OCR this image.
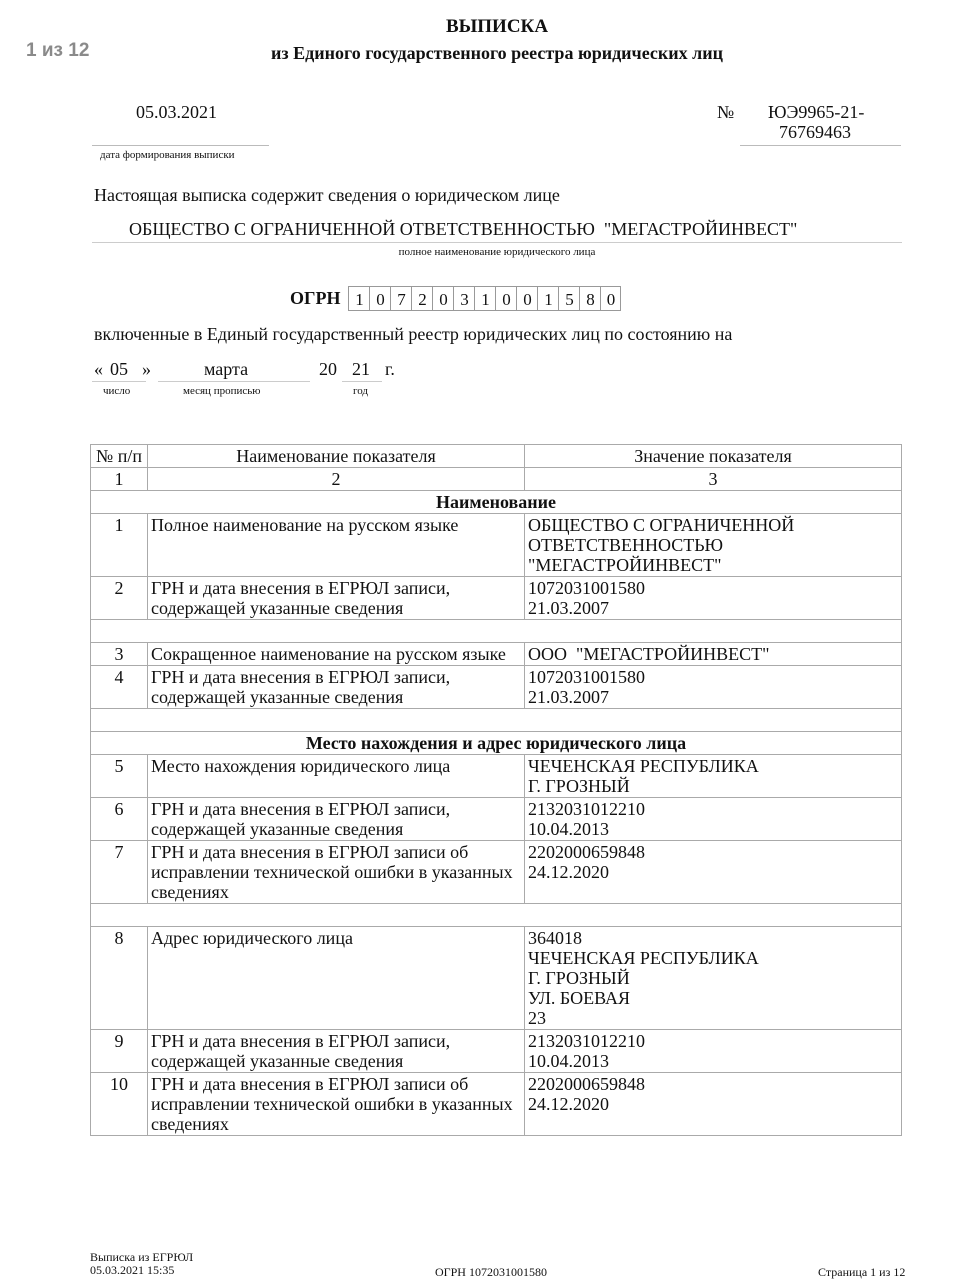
1 из 12
ВЫПИСКА
из Единого государственного реестра юридических лиц
05.03.2021
дата формирования выписки
№ ЮЭ9965-21-
76769463
Настоящая выписка содержит сведения о юридическом лице
ОБЩЕСТВО С ОГРАНИЧЕННОЙ ОТВЕТСТВЕННОСТЬЮ  "МЕГАСТРОЙИНВЕСТ"
полное наименование юридического лица
ОГРН 1 0 7 2 0 3 1 0 0 1 5 8 0
включенные в Единый государственный реестр юридических лиц по состоянию на
« 05 »	марта	20 21 г.
число	месяц прописью	год
№ п/п	Наименование показателя	Значение показателя
1	2	3
Наименование		
1	Полное наименование на русском языке	ОБЩЕСТВО С ОГРАНИЧЕННОЙ
ОТВЕТСТВЕННОСТЬЮ
"МЕГАСТРОЙИНВЕСТ"

2	ГРН и дата внесения в ЕГРЮЛ записи, содержащей указанные сведения	1072031001580
21.03.2007

3	Сокращенное наименование на русском языке	ООО  "МЕГАСТРОЙИНВЕСТ"

4	ГРН и дата внесения в ЕГРЮЛ записи, содержащей указанные сведения	1072031001580
21.03.2007

Место нахождения и адрес юридического лица		
5	Место нахождения юридического лица	ЧЕЧЕНСКАЯ РЕСПУБЛИКА
Г. ГРОЗНЫЙ

6	ГРН и дата внесения в ЕГРЮЛ записи, содержащей указанные сведения	2132031012210
10.04.2013

7	ГРН и дата внесения в ЕГРЮЛ записи об исправлении технической ошибки в указанных сведениях	2202000659848
24.12.2020

8	Адрес юридического лица	364018
ЧЕЧЕНСКАЯ РЕСПУБЛИКА
Г. ГРОЗНЫЙ
УЛ. БОЕВАЯ
23

9	ГРН и дата внесения в ЕГРЮЛ записи, содержащей указанные сведения	2132031012210
10.04.2013

10	ГРН и дата внесения в ЕГРЮЛ записи об исправлении технической ошибки в указанных сведениях	2202000659848
24.12.2020
Выписка из ЕГРЮЛ
05.03.2021 15:35	ОГРН 1072031001580	Страница 1 из 12
